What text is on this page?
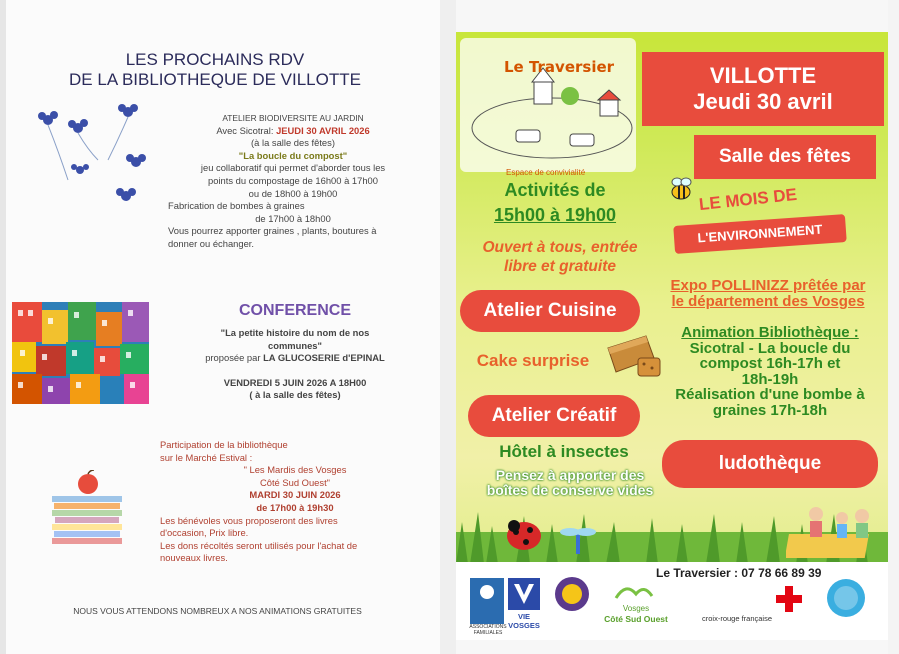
LES PROCHAINS RDV
DE LA BIBLIOTHEQUE DE VILLOTTE
ATELIER BIODIVERSITE AU JARDIN
Avec Sicotral: JEUDI 30 AVRIL 2026
(à la salle des fêtes)
"La boucle du compost"
jeu collaboratif qui permet d'aborder tous les
points du compostage de 16h00 à 17h00
ou de 18h00 à 19h00
Fabrication de bombes à graines
de 17h00 à 18h00
Vous pourrez apporter graines , plants, boutures à
donner ou échanger.
CONFERENCE
"La petite histoire du nom de nos
communes"
proposée par LA GLUCOSERIE d'EPINAL
VENDREDI 5 JUIN 2026 A 18H00
( à la salle des fêtes)
Participation de la bibliothèque
sur le Marché Estival :
" Les Mardis des Vosges
Côté Sud Ouest"
MARDI 30 JUIN 2026
de 17h00 à 19h30
Les bénévoles vous proposeront des livres
d'occasion, Prix libre.
Les dons récoltés seront utilisés pour l'achat de
nouveaux livres.
NOUS VOUS ATTENDONS NOMBREUX A NOS ANIMATIONS GRATUITES
Le Traversier
Espace de convivialité
VILLOTTE
Jeudi 30 avril
Salle des fêtes
Activités de
15h00 à 19h00
Ouvert à tous, entrée
libre et gratuite
LE MOIS DE
L'ENVIRONNEMENT
Atelier Cuisine
Expo POLLINIZZ prêtée par
le département des Vosges
Cake surprise
Animation Bibliothèque :
Sicotral - La boucle du
compost 16h-17h et
18h-19h
Réalisation d'une bombe à
graines 17h-18h
Atelier Créatif
Hôtel à insectes
ludothèque
Pensez à apporter des
boîtes de conserve vides
Le Traversier : 07 78 66 89 39
ASSOCIATIONS FAMILIALES
VIE
VOSGES
Vosges
Côté Sud Ouest	croix-rouge française
